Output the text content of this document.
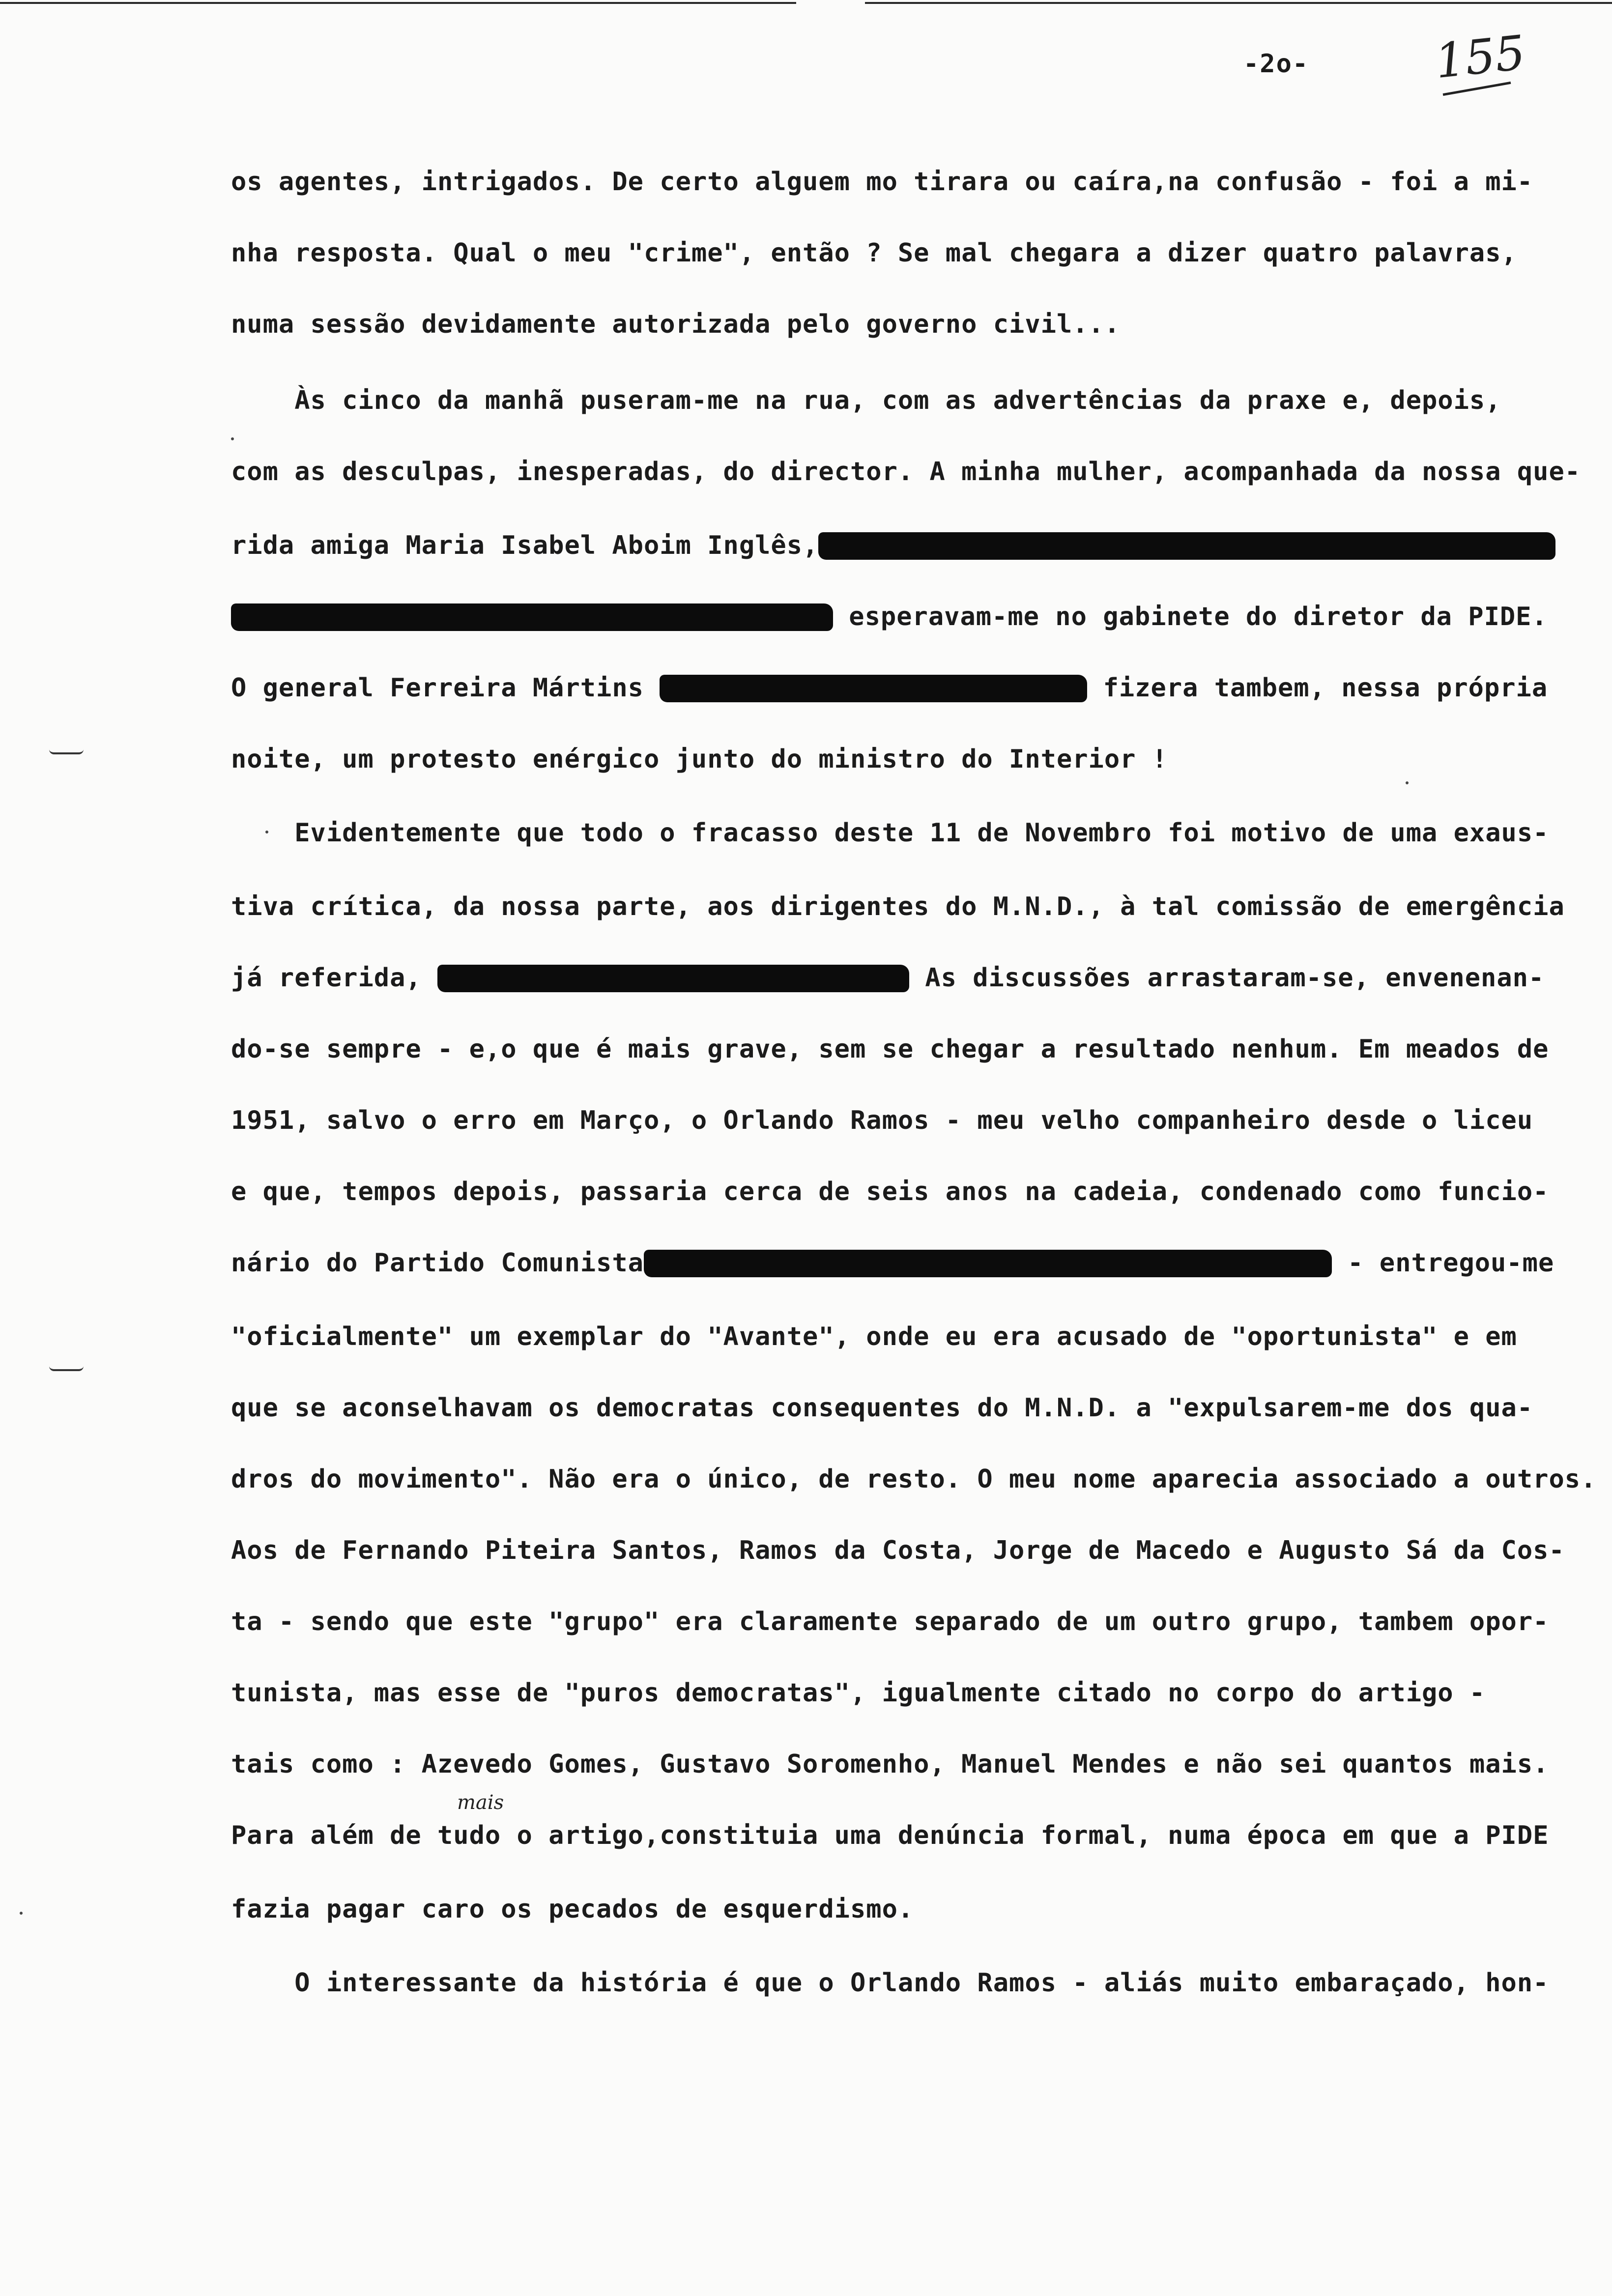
-2o-	155
mais
os agentes, intrigados. De certo alguem mo tirara ou caíra,na confusão - foi a mi-
nha resposta. Qual o meu "crime", então ? Se mal chegara a dizer quatro palavras,
numa sessão devidamente autorizada pelo governo civil...
Às cinco da manhã puseram-me na rua, com as advertências da praxe e, depois,
com as desculpas, inesperadas, do director. A minha mulher, acompanhada da nossa que-
rida amiga Maria Isabel Aboim Inglês,
esperavam-me no gabinete do diretor da PIDE.
O general Ferreira Mártins	fizera tambem, nessa própria
noite, um protesto enérgico junto do ministro do Interior !
Evidentemente que todo o fracasso deste 11 de Novembro foi motivo de uma exaus-
tiva crítica, da nossa parte, aos dirigentes do M.N.D., à tal comissão de emergência
já referida,	As discussões arrastaram-se, envenenan-
do-se sempre - e,o que é mais grave, sem se chegar a resultado nenhum. Em meados de
1951, salvo o erro em Março, o Orlando Ramos - meu velho companheiro desde o liceu
e que, tempos depois, passaria cerca de seis anos na cadeia, condenado como funcio-
nário do Partido Comunista	- entregou-me
"oficialmente" um exemplar do "Avante", onde eu era acusado de "oportunista" e em
que se aconselhavam os democratas consequentes do M.N.D. a "expulsarem-me dos qua-
dros do movimento". Não era o único, de resto. O meu nome aparecia associado a outros.
Aos de Fernando Piteira Santos, Ramos da Costa, Jorge de Macedo e Augusto Sá da Cos-
ta - sendo que este "grupo" era claramente separado de um outro grupo, tambem opor-
tunista, mas esse de "puros democratas", igualmente citado no corpo do artigo -
tais como : Azevedo Gomes, Gustavo Soromenho, Manuel Mendes e não sei quantos mais.
Para além de tudo o artigo,constituia uma denúncia formal, numa época em que a PIDE
fazia pagar caro os pecados de esquerdismo.
O interessante da história é que o Orlando Ramos - aliás muito embaraçado, hon-
